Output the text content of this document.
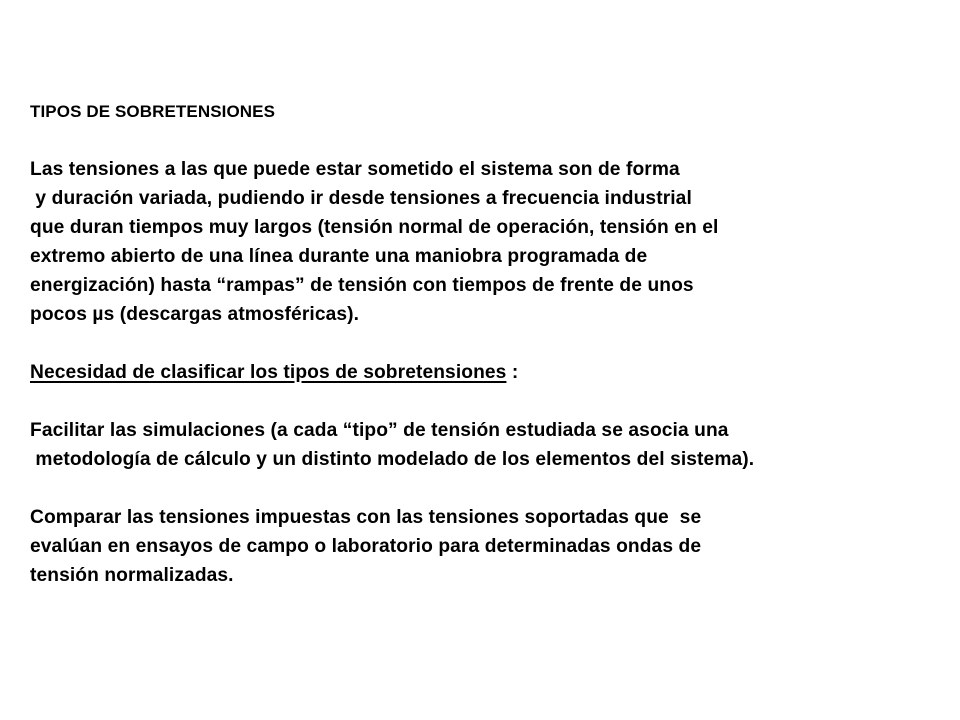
TIPOS DE SOBRETENSIONES
Las tensiones a las que puede estar sometido el sistema son de forma
y duración variada, pudiendo ir desde tensiones a frecuencia industrial
que duran tiempos muy largos (tensión normal de operación, tensión en el
extremo abierto de una línea durante una maniobra programada de
energización) hasta “rampas” de tensión con tiempos de frente de unos
pocos µs (descargas atmosféricas).
Necesidad de clasificar los tipos de sobretensiones :
Facilitar las simulaciones (a cada “tipo” de tensión estudiada se asocia una
metodología de cálculo y un distinto modelado de los elementos del sistema).
Comparar las tensiones impuestas con las tensiones soportadas que  se
evalúan en ensayos de campo o laboratorio para determinadas ondas de
tensión normalizadas.
